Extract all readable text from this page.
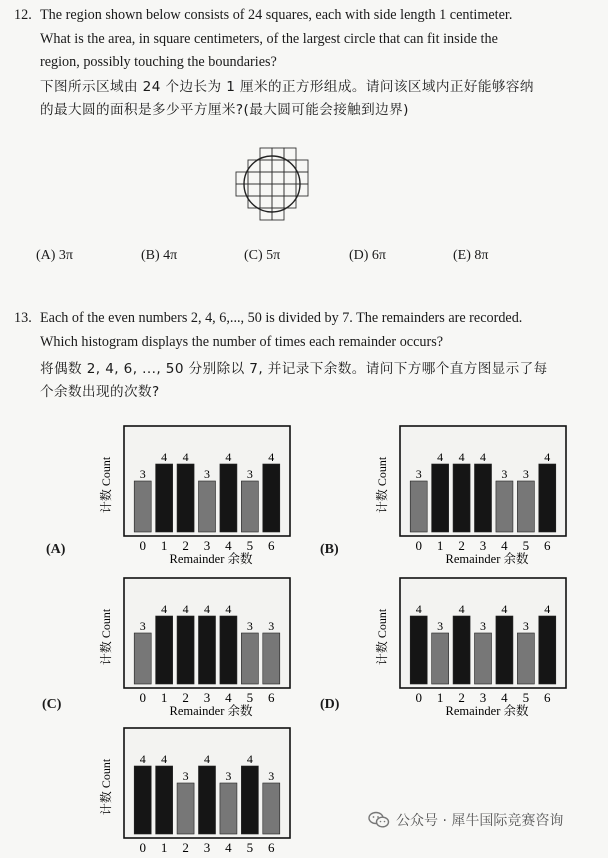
12. The region shown below consists of 24 squares, each with side length 1 centimeter.
What is the area, in square centimeters, of the largest circle that can fit inside the
region, possibly touching the boundaries?
下图所示区域由 24 个边长为 1 厘米的正方形组成。请问该区域内正好能够容纳
的最大圆的面积是多少平方厘米?(最大圆可能会接触到边界)
(A) 3π	(B) 4π	(C) 5π	(D) 6π	(E) 8π
13. Each of the even numbers 2, 4, 6,..., 50 is divided by 7. The remainders are recorded.
Which histogram displays the number of times each remainder occurs?
将偶数 2, 4, 6, ..., 50 分别除以 7, 并记录下余数。请问下方哪个直方图显示了每
个余数出现的次数?
计数 Count 3
0
4
1
4
2
3
3
4
4
3
5
4
6
Remainder 余数
(A)
计数 Count 3
0
4
1
4
2
4
3
3
4
3
5
4
6
Remainder 余数
(B)
计数 Count 3
0
4
1
4
2
4
3
4
4
3
5
3
6
Remainder 余数
(C)
计数 Count 4
0
3
1
4
2
3
3
4
4
3
5
4
6
Remainder 余数
(D)
计数 Count 4
0
4
1
3
2
4
3
3
4
4
5
3
6
公众号 · 犀牛国际竞赛咨询
